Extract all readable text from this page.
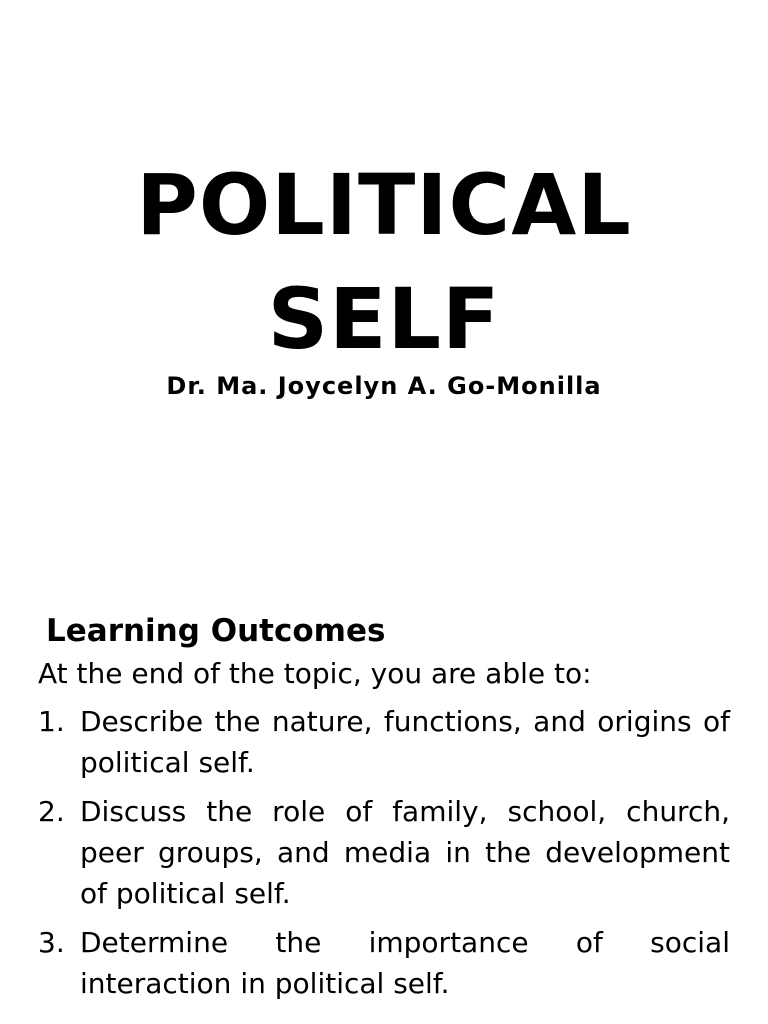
POLITICAL
SELF
Dr. Ma. Joycelyn A. Go-Monilla
Learning Outcomes
At the end of the topic, you are able to:
1. Describe the nature, functions, and origins of political self.
2. Discuss the role of family, school, church, peer groups, and media in the development of political self.
3. Determine the importance of social interaction in political self.
